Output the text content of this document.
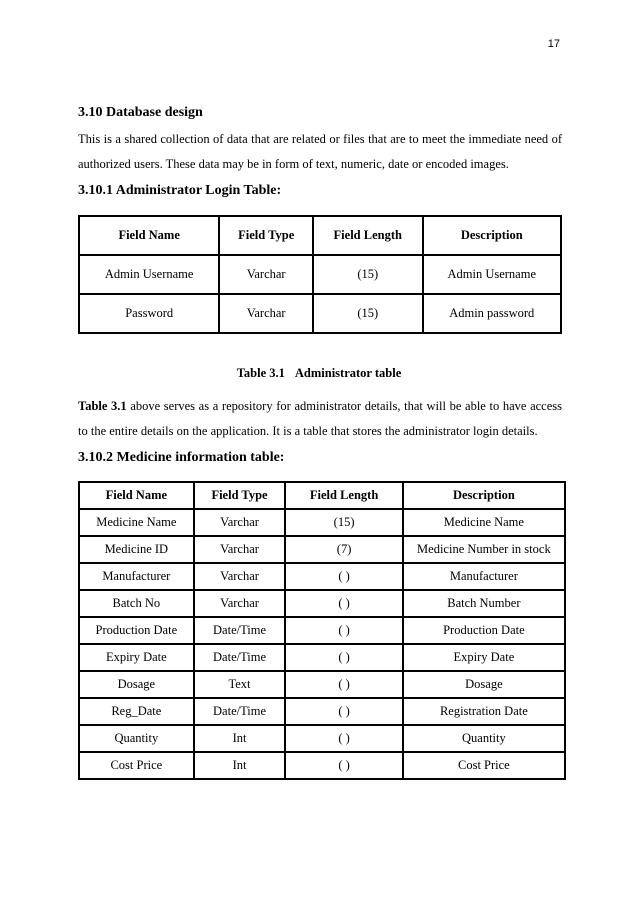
17
3.10 Database design
This is a shared collection of data that are related or files that are to meet the immediate need of authorized users. These data may be in form of text, numeric, date or encoded images.
3.10.1 Administrator Login Table:
Field Name	Field Type	Field Length	Description
Admin Username	Varchar	(15)	Admin Username
Password	Varchar	(15)	Admin password
Table 3.1 Administrator table
Table 3.1 above serves as a repository for administrator details, that will be able to have access to the entire details on the application. It is a table that stores the administrator login details.
3.10.2 Medicine information table:
Field Name	Field Type	Field Length	Description
Medicine Name	Varchar	(15)	Medicine Name
Medicine ID	Varchar	(7)	Medicine Number in stock
Manufacturer	Varchar	( )	Manufacturer
Batch No	Varchar	( )	Batch Number
Production Date	Date/Time	( )	Production Date
Expiry Date	Date/Time	( )	Expiry Date
Dosage	Text	( )	Dosage
Reg_Date	Date/Time	( )	Registration Date
Quantity	Int	( )	Quantity
Cost Price	Int	( )	Cost Price
